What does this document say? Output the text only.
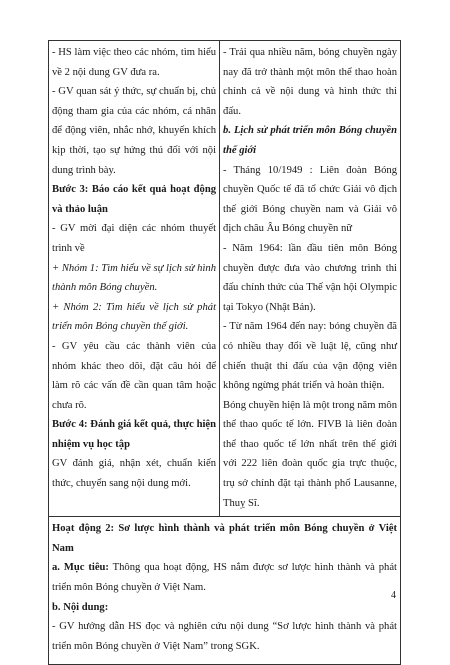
- HS làm việc theo các nhóm, tìm hiểu về 2 nội dung GV đưa ra.

- GV quan sát ý thức, sự chuẩn bị, chủ động tham gia của các nhóm, cá nhân để động viên, nhắc nhở, khuyến khích kịp thời, tạo sự hứng thú đối với nội dung trình bày.

Bước 3: Báo cáo kết quả hoạt động và thảo luận

- GV mời đại diện các nhóm thuyết trình về

+ Nhóm 1: Tìm hiểu về sự lịch sử hình thành môn Bóng chuyền.

+ Nhóm 2: Tìm hiểu về lịch sử phát triển môn Bóng chuyền thế giới.

- GV yêu cầu các thành viên của nhóm khác theo dõi, đặt câu hỏi để làm rõ các vấn đề cần quan tâm hoặc chưa rõ.

Bước 4: Đánh giá kết quả, thực hiện nhiệm vụ học tập

GV đánh giá, nhận xét, chuẩn kiến thức, chuyển sang nội dung mới.

- Trải qua nhiều năm, bóng chuyền ngày nay đã trở thành một môn thể thao hoàn chỉnh cả về nội dung và hình thức thi đấu.

b. Lịch sử phát triển môn Bóng chuyền thế giới

- Tháng 10/1949 : Liên đoàn Bóng chuyền Quốc tế đã tổ chức Giải vô địch thế giới Bóng chuyền nam và Giải vô địch châu Âu Bóng chuyền nữ

- Năm 1964: lần đầu tiên môn Bóng chuyền được đưa vào chương trình thi đấu chính thức của Thế vận hội Olympic tại Tokyo (Nhật Bản).

- Từ năm 1964 đến nay: bóng chuyền đã có nhiều thay đổi về luật lệ, cũng như chiến thuật thi đấu của vận động viên không ngừng phát triển và hoàn thiện.

Bóng chuyền hiện là một trong năm môn thể thao quốc tế lớn. FIVB là liên đoàn thể thao quốc tế lớn nhất trên thế giới với 222 liên đoàn quốc gia trực thuộc, trụ sở chính đặt tại thành phố Lausanne, Thuỵ Sĩ.

Hoạt động 2: Sơ lược hình thành và phát triển môn Bóng chuyền ở Việt Nam

a. Mục tiêu: Thông qua hoạt động, HS nắm được sơ lược hình thành và phát triển môn Bóng chuyền ở Việt Nam.

b. Nội dung:

- GV hướng dẫn HS đọc và nghiên cứu nội dung “Sơ lược hình thành và phát triển môn Bóng chuyền ở Việt Nam” trong SGK.

4
